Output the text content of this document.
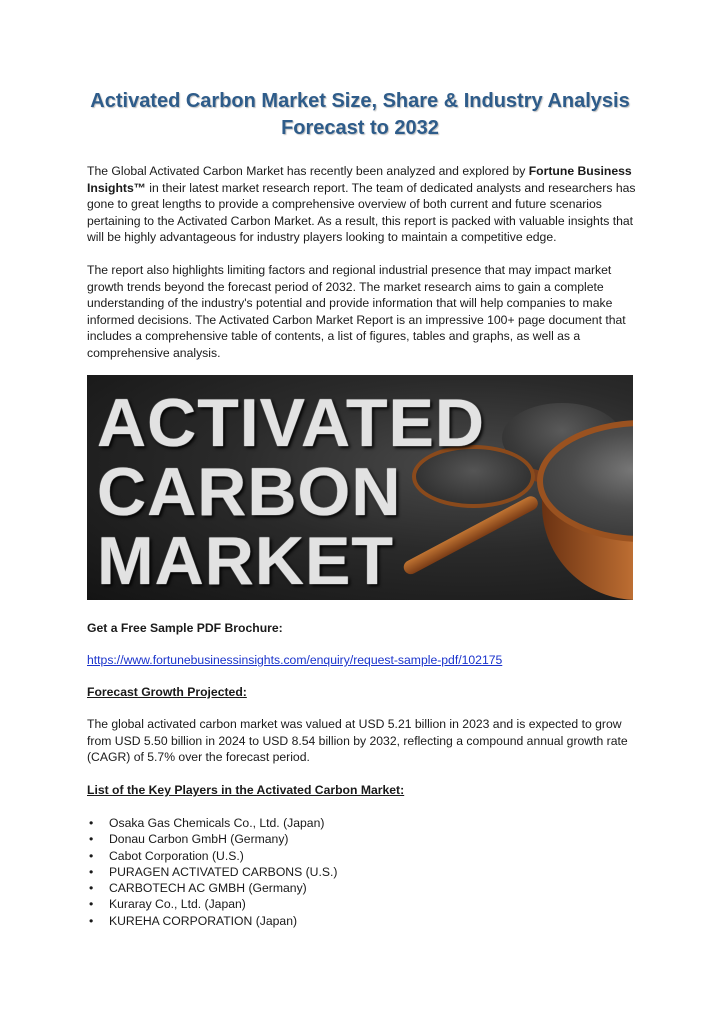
Activated Carbon Market Size, Share & Industry Analysis
Forecast to 2032

The Global Activated Carbon Market has recently been analyzed and explored by Fortune Business Insights™ in their latest market research report. The team of dedicated analysts and researchers has gone to great lengths to provide a comprehensive overview of both current and future scenarios pertaining to the Activated Carbon Market. As a result, this report is packed with valuable insights that will be highly advantageous for industry players looking to maintain a competitive edge.

The report also highlights limiting factors and regional industrial presence that may impact market growth trends beyond the forecast period of 2032. The market research aims to gain a complete understanding of the industry's potential and provide information that will help companies to make informed decisions. The Activated Carbon Market Report is an impressive 100+ page document that includes a comprehensive table of contents, a list of figures, tables and graphs, as well as a comprehensive analysis.

ACTIVATED
CARBON
MARKET

Get a Free Sample PDF Brochure:

https://www.fortunebusinessinsights.com/enquiry/request-sample-pdf/102175

Forecast Growth Projected:

The global activated carbon market was valued at USD 5.21 billion in 2023 and is expected to grow from USD 5.50 billion in 2024 to USD 8.54 billion by 2032, reflecting a compound annual growth rate (CAGR) of 5.7% over the forecast period.

List of the Key Players in the Activated Carbon Market:

• Osaka Gas Chemicals Co., Ltd. (Japan)
• Donau Carbon GmbH (Germany)
• Cabot Corporation (U.S.)
• PURAGEN ACTIVATED CARBONS (U.S.)
• CARBOTECH AC GMBH (Germany)
• Kuraray Co., Ltd. (Japan)
• KUREHA CORPORATION (Japan)
